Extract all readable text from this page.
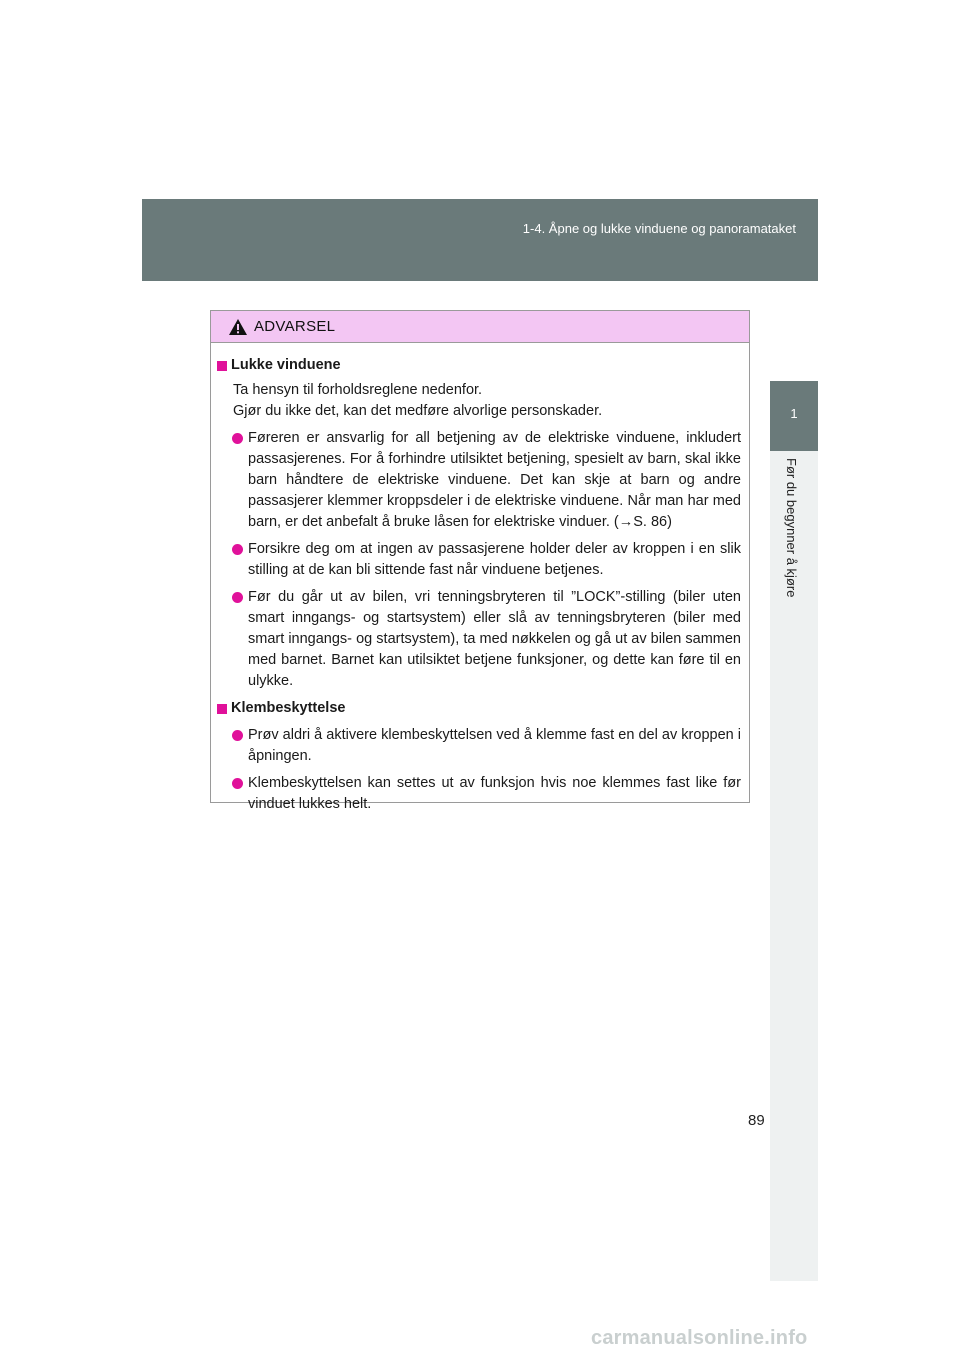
1-4. Åpne og lukke vinduene og panoramataket
1
Før du begynner å kjøre
ADVARSEL
Lukke vinduene
Ta hensyn til forholdsreglene nedenfor.
Gjør du ikke det, kan det medføre alvorlige personskader.
Føreren er ansvarlig for all betjening av de elektriske vinduene, inkludert passasjerenes. For å forhindre utilsiktet betjening, spesielt av barn, skal ikke barn håndtere de elektriske vinduene. Det kan skje at barn og andre passasjerer klemmer kroppsdeler i de elektriske vinduene. Når man har med barn, er det anbefalt å bruke låsen for elektriske vinduer. (→S. 86)
Forsikre deg om at ingen av passasjerene holder deler av kroppen i en slik stilling at de kan bli sittende fast når vinduene betjenes.
Før du går ut av bilen, vri tenningsbryteren til ”LOCK”-stilling (biler uten smart inngangs- og startsystem) eller slå av tenningsbryteren (biler med smart inngangs- og startsystem), ta med nøkkelen og gå ut av bilen sammen med barnet. Barnet kan utilsiktet betjene funksjoner, og dette kan føre til en ulykke.
Klembeskyttelse
Prøv aldri å aktivere klembeskyttelsen ved å klemme fast en del av kroppen i åpningen.
Klembeskyttelsen kan settes ut av funksjon hvis noe klemmes fast like før vinduet lukkes helt.
89
carmanualsonline.info
